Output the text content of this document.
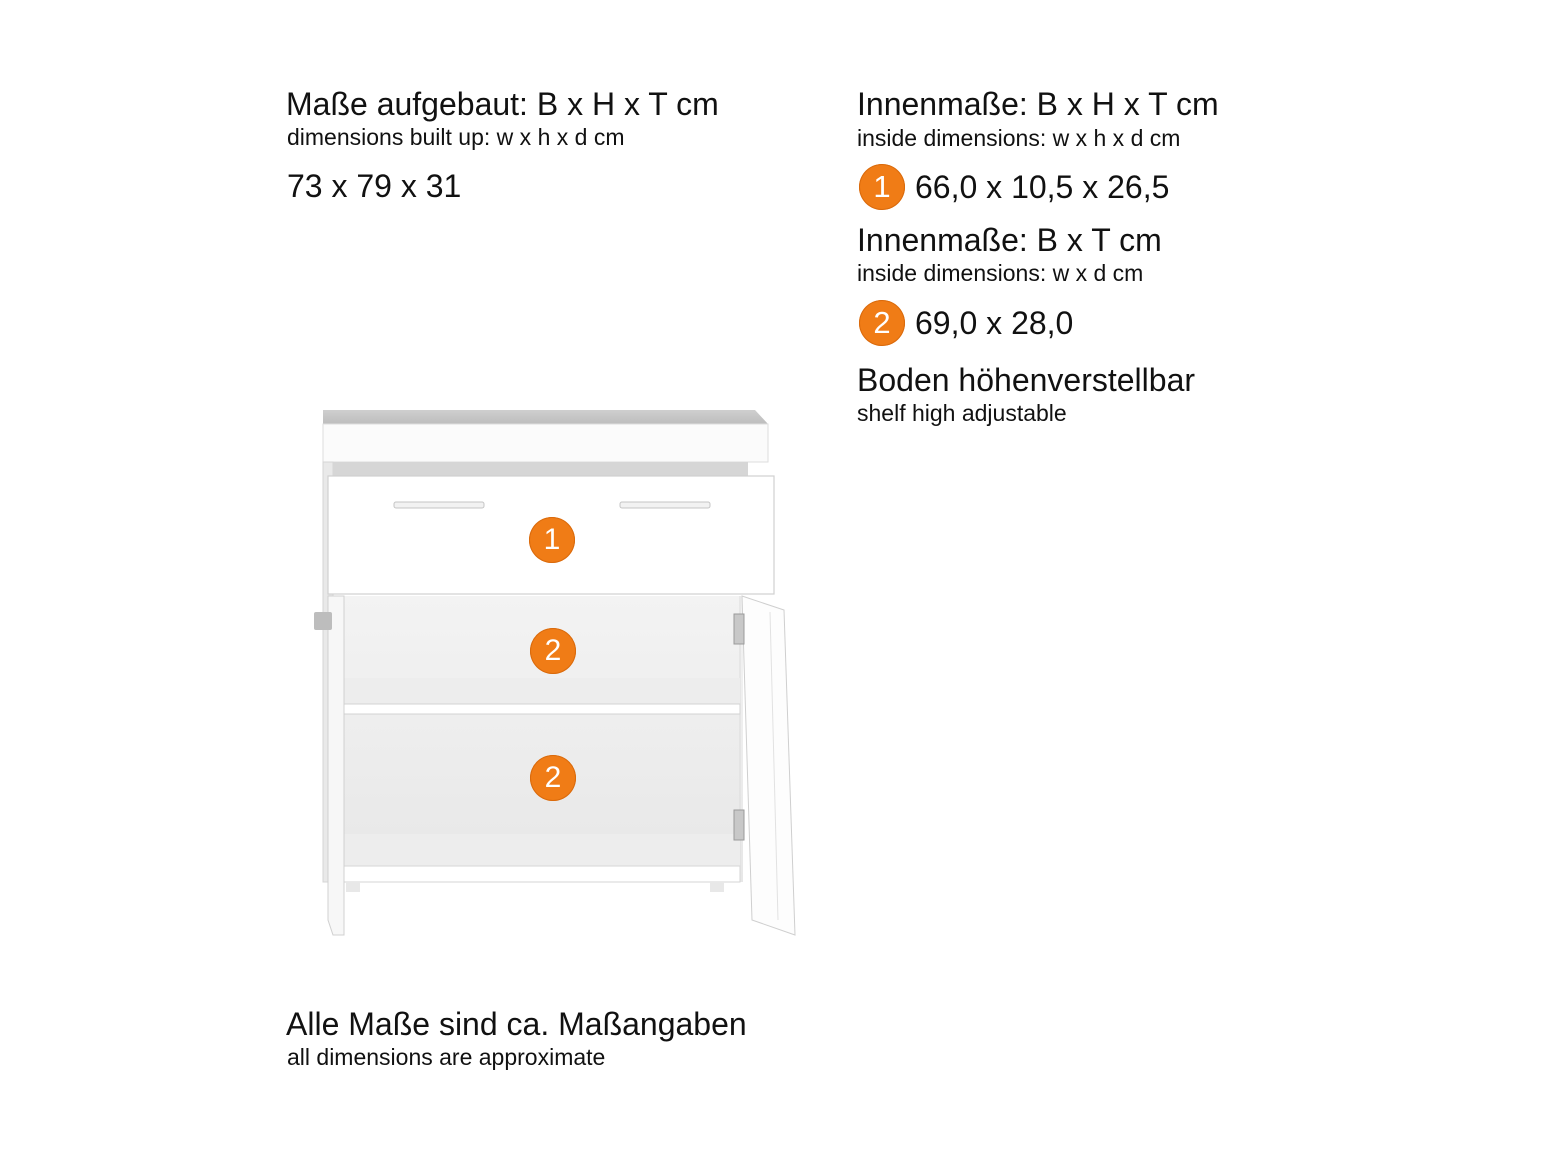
Maße aufgebaut: B x H x T cm
dimensions built up: w x h x d cm
73 x 79 x 31
Innenmaße: B x H x T cm
inside dimensions: w x h x d cm
1 66,0 x 10,5 x 26,5
Innenmaße: B x T cm
inside dimensions: w x d cm
2 69,0 x 28,0
Boden höhenverstellbar
shelf high adjustable
1
2
2
Alle Maße sind ca. Maßangaben
all dimensions are approximate
